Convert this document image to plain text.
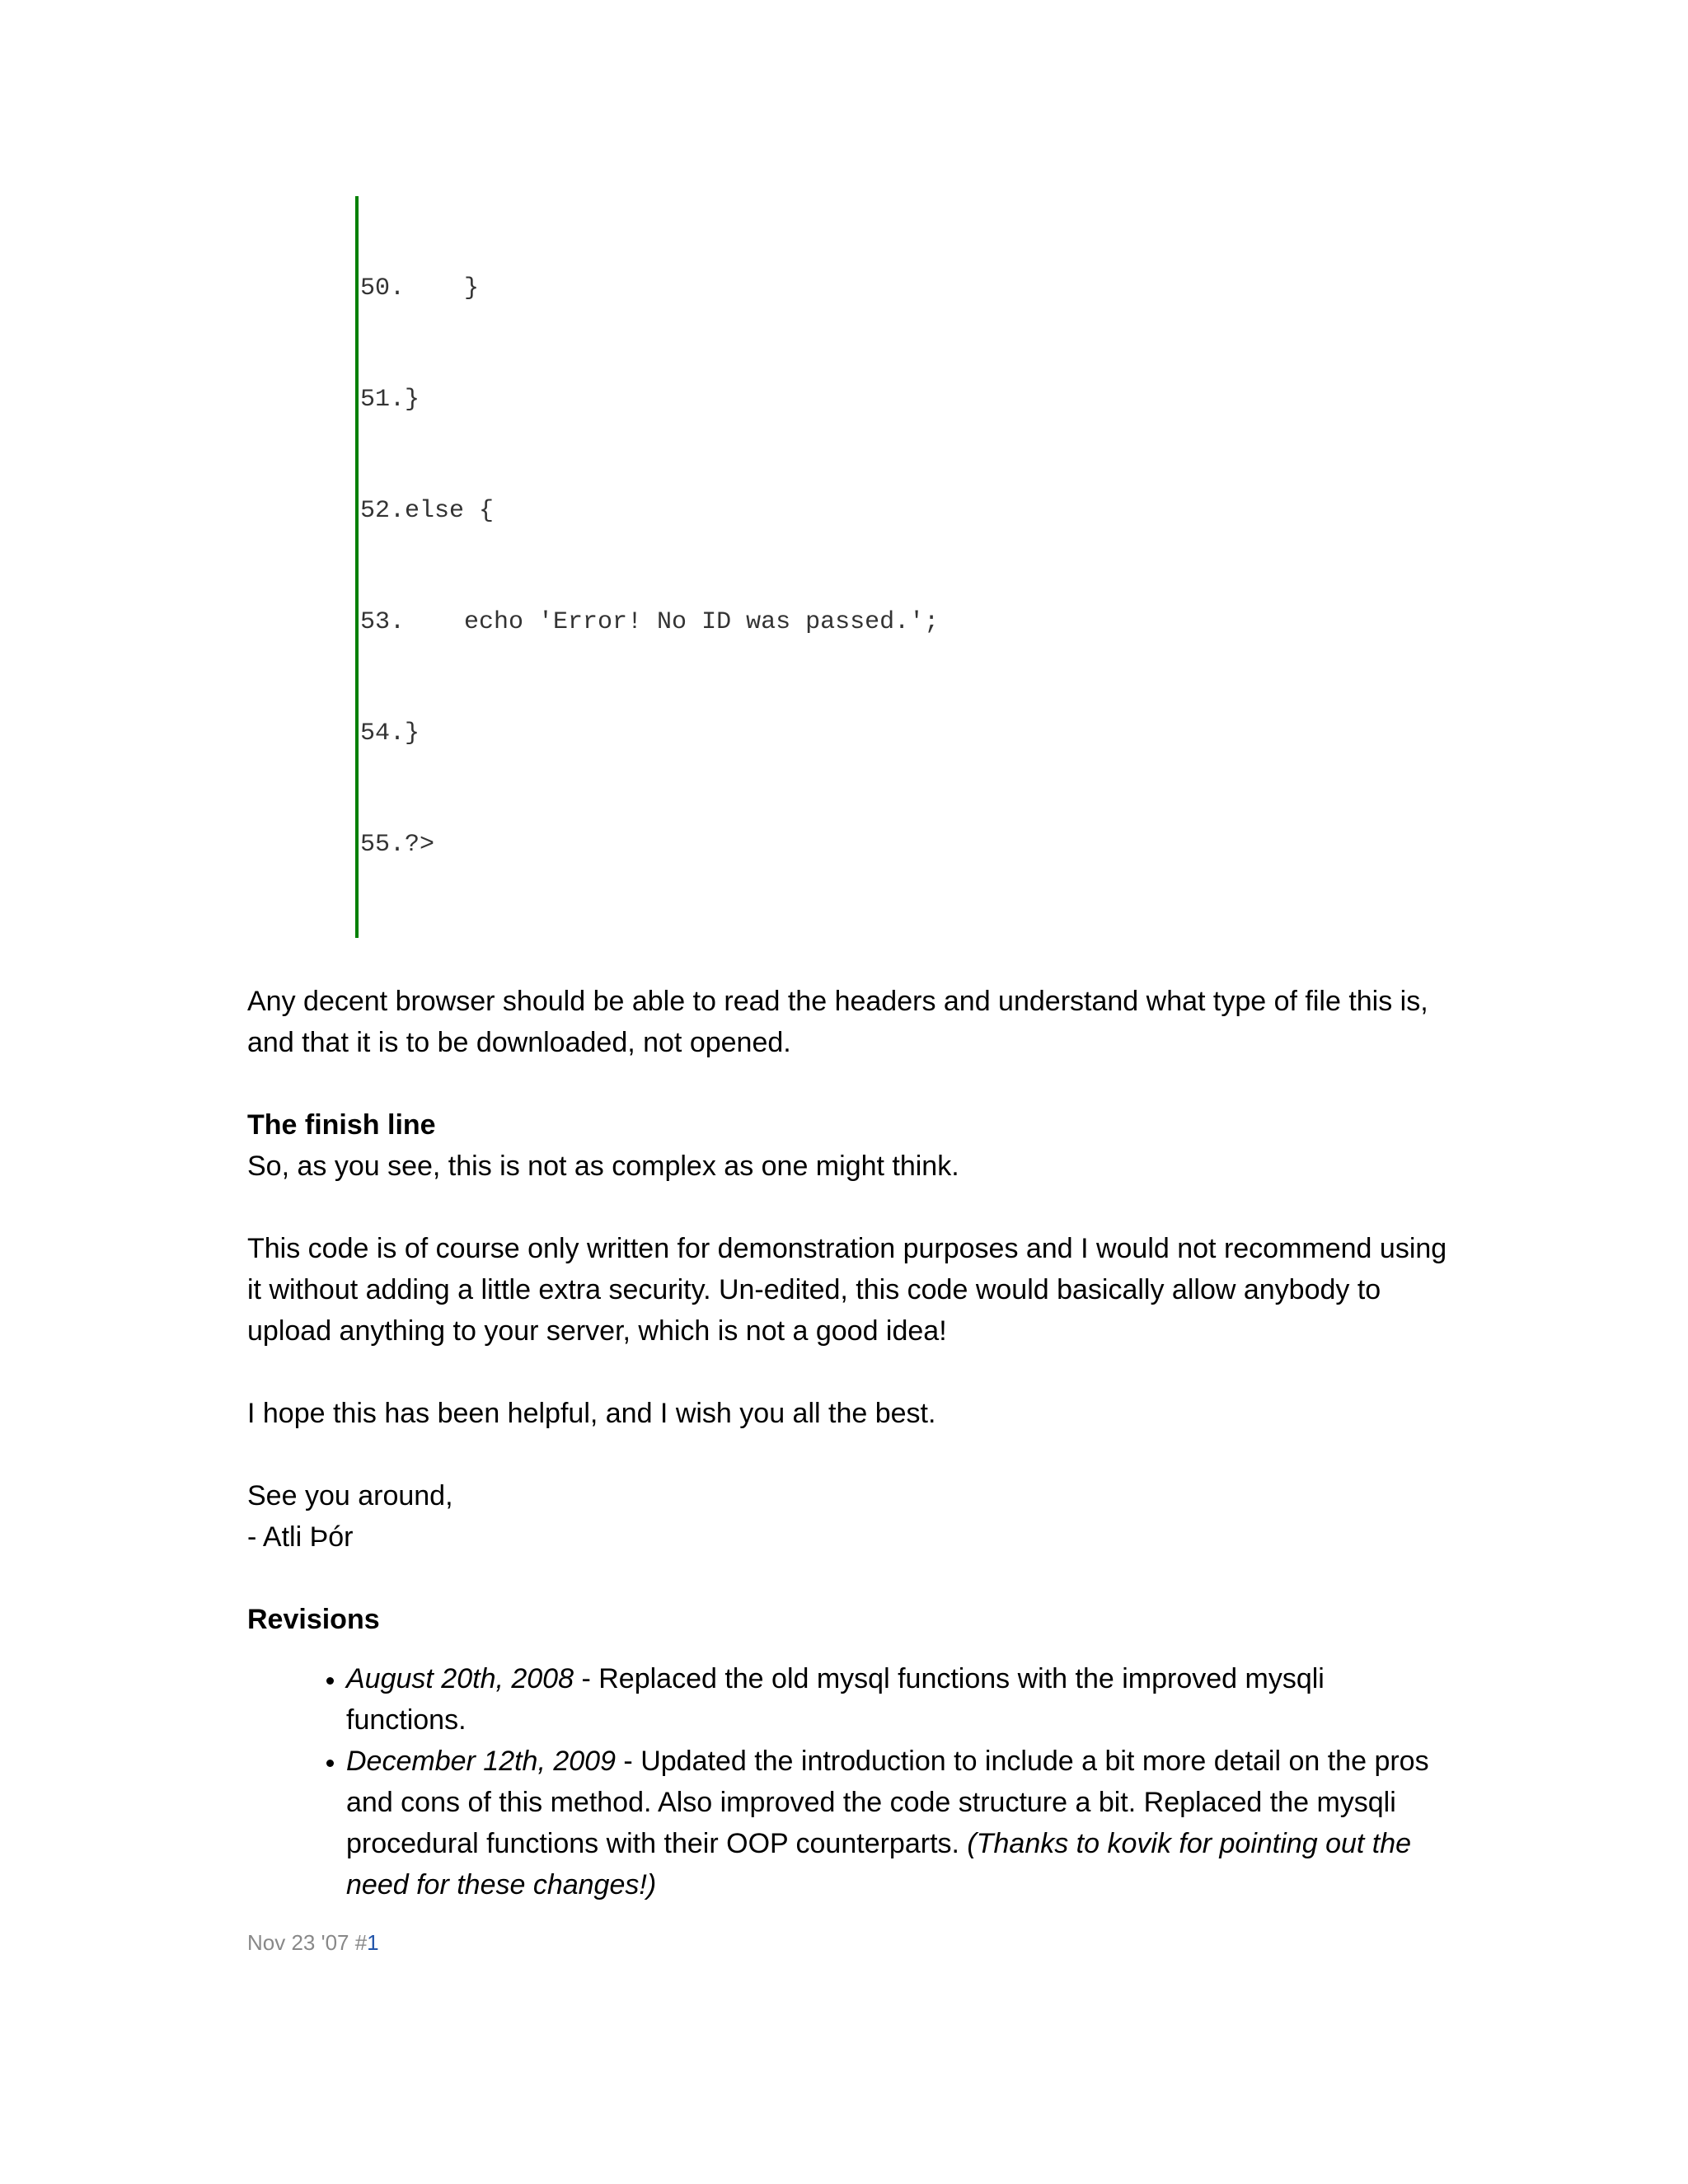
50.    }

51.}

52.else {

53.    echo 'Error! No ID was passed.';

54.}

55.?>

Any decent browser should be able to read the headers and understand what type of file this is, and that it is to be downloaded, not opened.

The finish line

So, as you see, this is not as complex as one might think.

This code is of course only written for demonstration purposes and I would not recommend using it without adding a little extra security. Un-edited, this code would basically allow anybody to upload anything to your server, which is not a good idea!

I hope this has been helpful, and I wish you all the best.

See you around,

- Atli Þór

Revisions
• August 20th, 2008 - Replaced the old mysql functions with the improved mysqli functions.
• December 12th, 2009 - Updated the introduction to include a bit more detail on the pros and cons of this method. Also improved the code structure a bit. Replaced the mysqli procedural functions with their OOP counterparts. (Thanks to kovik for pointing out the need for these changes!)
Nov 23 '07 #1
